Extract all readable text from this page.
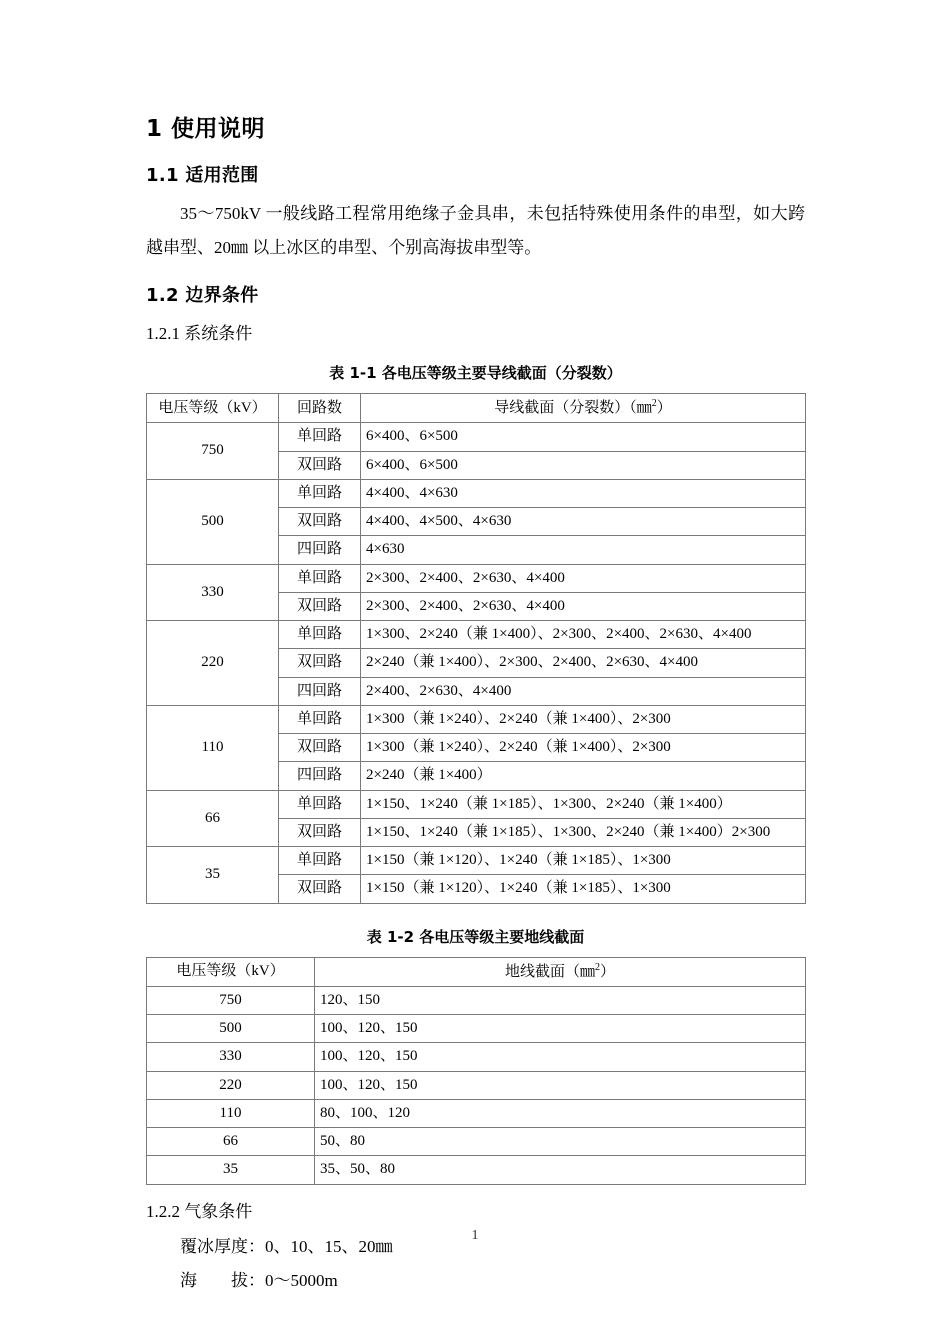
1 使用说明
1.1 适用范围

35～750kV 一般线路工程常用绝缘子金具串，未包括特殊使用条件的串型，如大跨越串型、20㎜ 以上冰区的串型、个别高海拔串型等。

1.2 边界条件
1.2.1 系统条件
表 1-1 各电压等级主要导线截面（分裂数）
电压等级（kV）	回路数	导线截面（分裂数）（㎜$^2$）
750	单回路	6×400、6×500
	双回路	6×400、6×500
500	单回路	4×400、4×630
	双回路	4×400、4×500、4×630
	四回路	4×630
330	单回路	2×300、2×400、2×630、4×400
	双回路	2×300、2×400、2×630、4×400
220	单回路	1×300、2×240（兼 1×400）、2×300、2×400、2×630、4×400
	双回路	2×240（兼 1×400）、2×300、2×400、2×630、4×400
	四回路	2×400、2×630、4×400
110	单回路	1×300（兼 1×240）、2×240（兼 1×400）、2×300
	双回路	1×300（兼 1×240）、2×240（兼 1×400）、2×300
	四回路	2×240（兼 1×400）
66	单回路	1×150、1×240（兼 1×185）、1×300、2×240（兼 1×400）
	双回路	1×150、1×240（兼 1×185）、1×300、2×240（兼 1×400）2×300
35	单回路	1×150（兼 1×120）、1×240（兼 1×185）、1×300
	双回路	1×150（兼 1×120）、1×240（兼 1×185）、1×300
表 1-2 各电压等级主要地线截面
电压等级（kV）	地线截面（㎜$^2$）
750	120、150
500	100、120、150
330	100、120、150
220	100、120、150
110	80、100、120
66	50、80
35	35、50、80
1.2.2 气象条件

覆冰厚度：0、10、15、20㎜

海　　拔：0～5000m

1
